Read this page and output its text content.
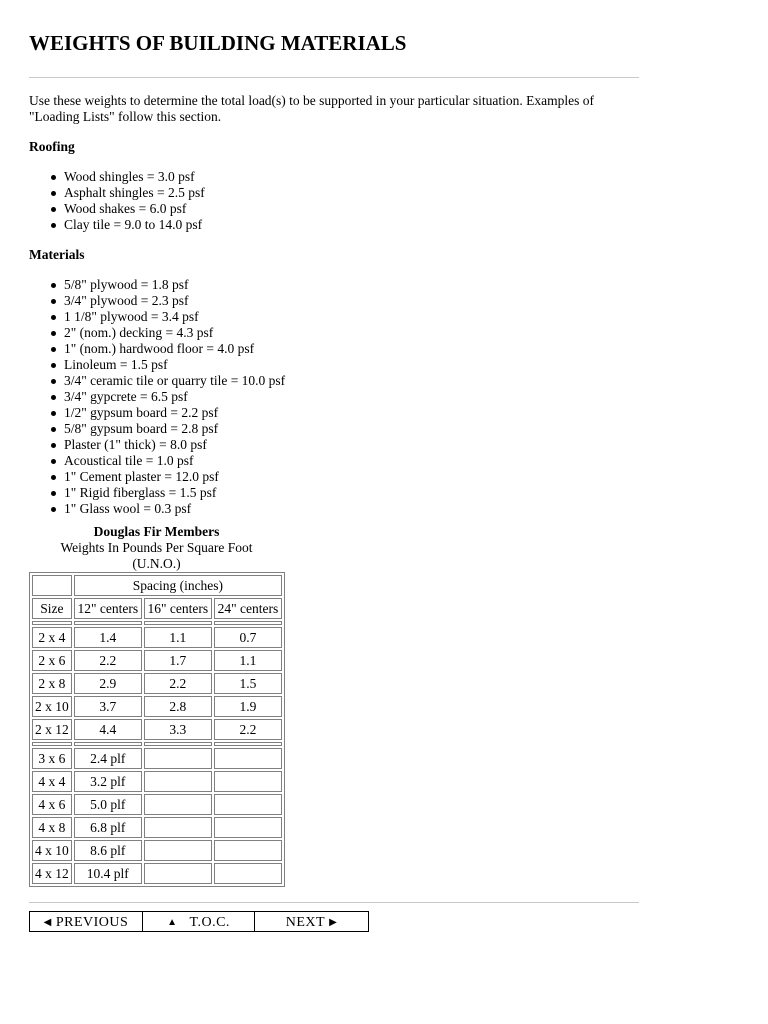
WEIGHTS OF BUILDING MATERIALS

Use these weights to determine the total load(s) to be supported in your particular situation. Examples of "Loading Lists" follow this section.

Roofing
Wood shingles = 3.0 psf
Asphalt shingles = 2.5 psf
Wood shakes = 6.0 psf
Clay tile = 9.0 to 14.0 psf
Materials
5/8" plywood = 1.8 psf
3/4" plywood = 2.3 psf
1 1/8" plywood = 3.4 psf
2" (nom.) decking = 4.3 psf
1" (nom.) hardwood floor = 4.0 psf
Linoleum = 1.5 psf
3/4" ceramic tile or quarry tile = 10.0 psf
3/4" gypcrete = 6.5 psf
1/2" gypsum board = 2.2 psf
5/8" gypsum board = 2.8 psf
Plaster (1" thick) = 8.0 psf
Acoustical tile = 1.0 psf
1" Cement plaster = 12.0 psf
1" Rigid fiberglass = 1.5 psf
1" Glass wool = 0.3 psf
Douglas Fir Members
Weights In Pounds Per Square Foot
(U.N.O.)
	Spacing (inches)		
Size	12" centers	16" centers	24" centers

2 x 4	1.4	1.1	0.7
2 x 6	2.2	1.7	1.1
2 x 8	2.9	2.2	1.5
2 x 10	3.7	2.8	1.9
2 x 12	4.4	3.3	2.2

3 x 6	2.4 plf		
4 x 4	3.2 plf		
4 x 6	5.0 plf		
4 x 8	6.8 plf		
4 x 10	8.6 plf		
4 x 12	10.4 plf		
◀ PREVIOUS	▲ T.O.C.	NEXT ▶
